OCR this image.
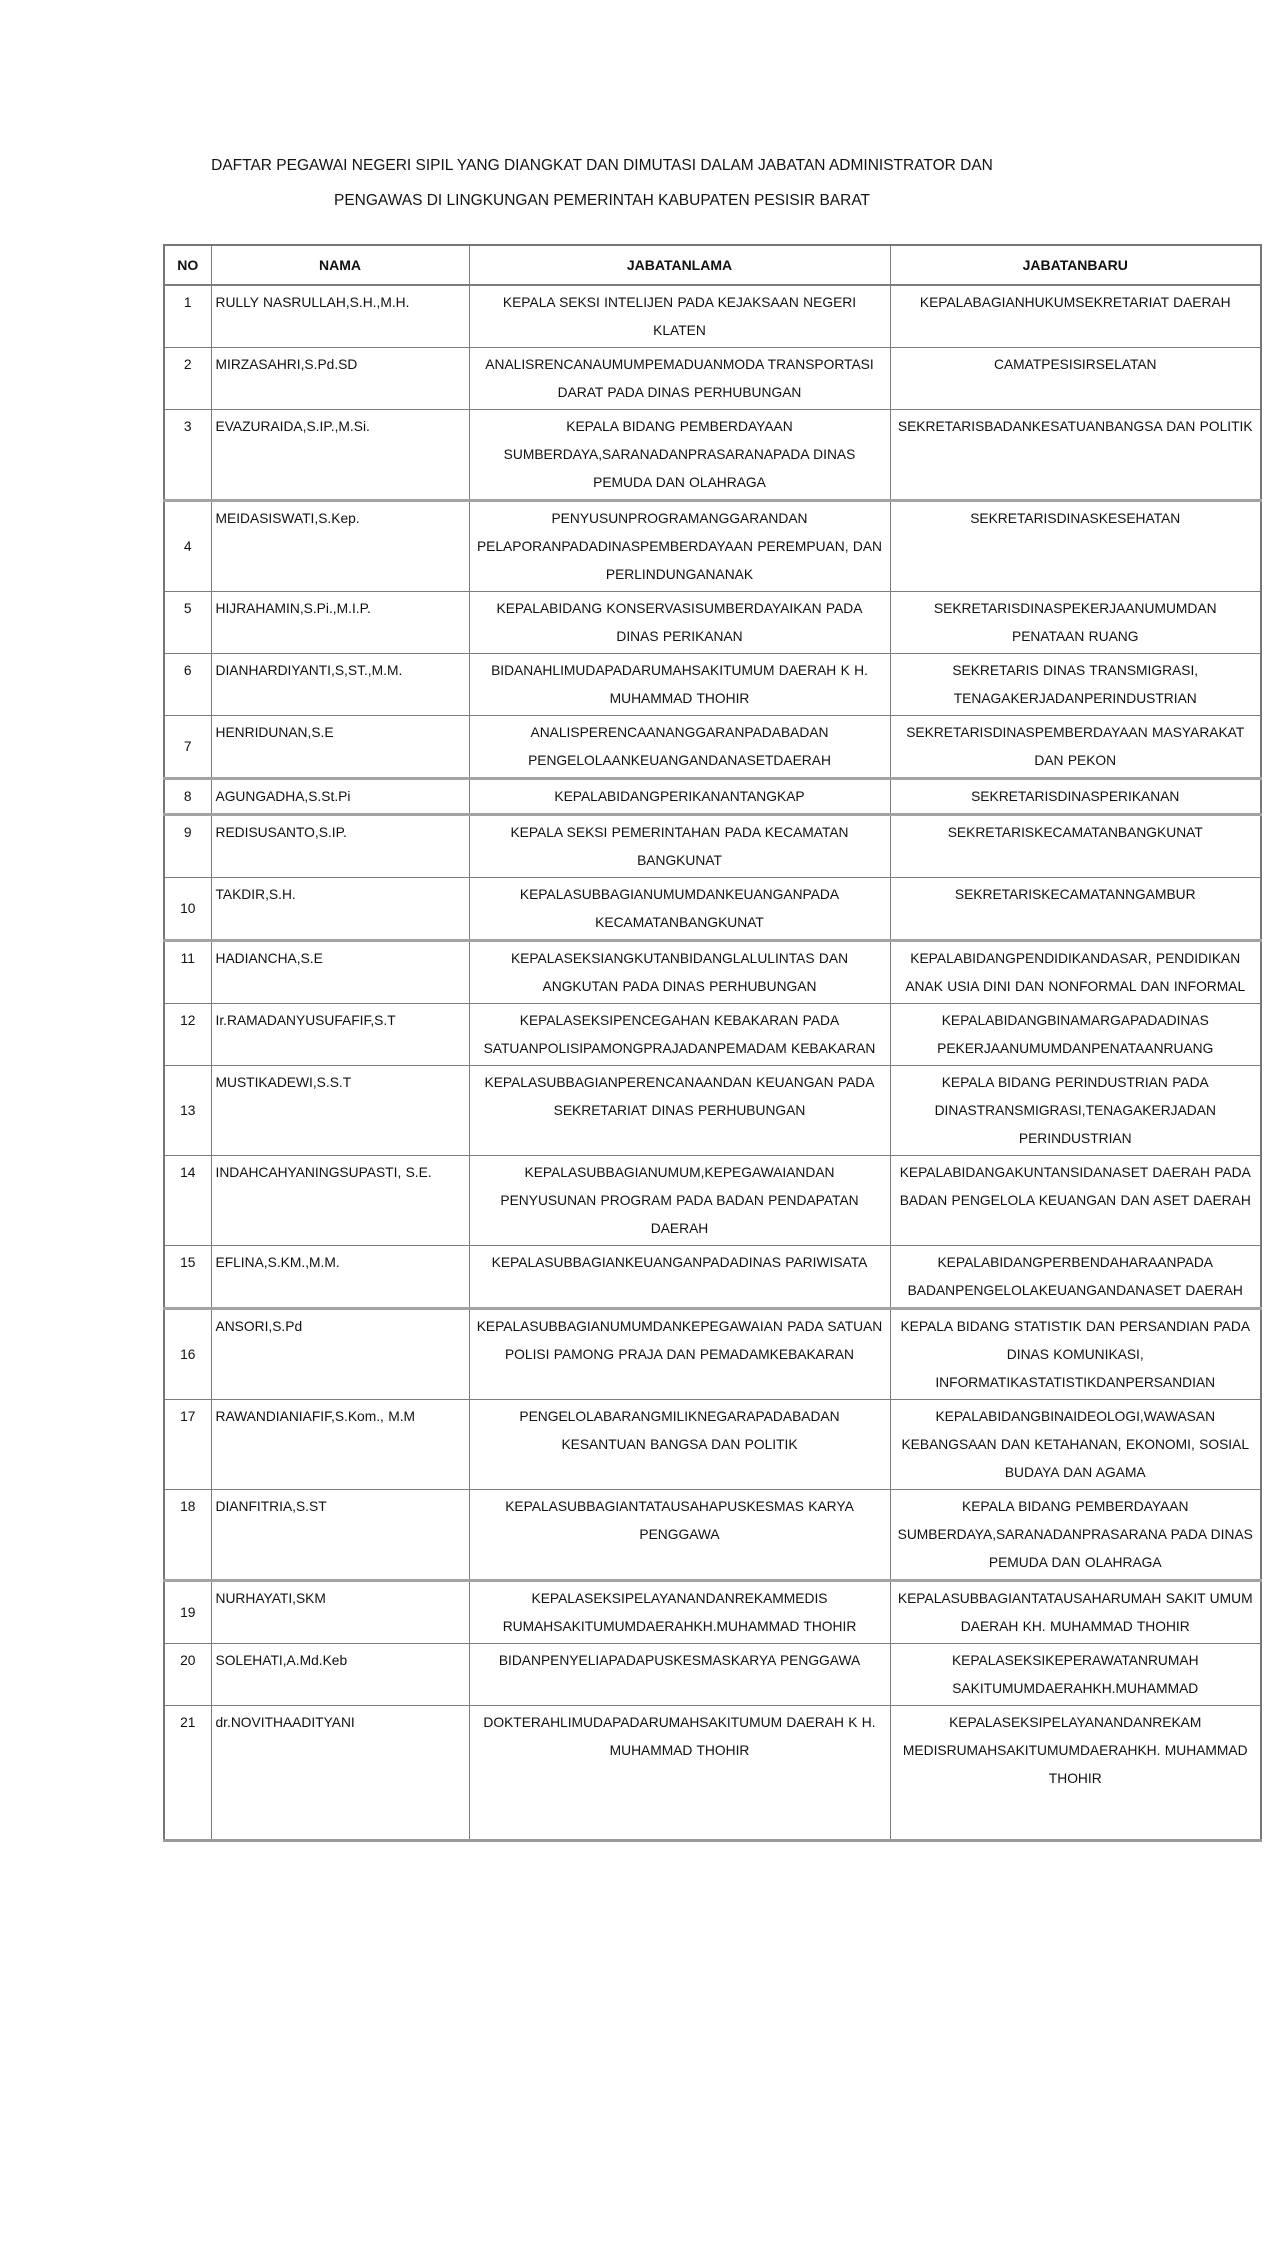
DAFTAR PEGAWAI NEGERI SIPIL YANG DIANGKAT DAN DIMUTASI DALAM JABATAN ADMINISTRATOR DAN
PENGAWAS DI LINGKUNGAN PEMERINTAH KABUPATEN PESISIR BARAT
NO	NAMA	JABATANLAMA	JABATANBARU
1	RULLY NASRULLAH,S.H.,M.H.	KEPALA SEKSI INTELIJEN PADA KEJAKSAAN NEGERI KLATEN	KEPALABAGIANHUKUMSEKRETARIAT DAERAH
2	MIRZASAHRI,S.Pd.SD	ANALISRENCANAUMUMPEMADUANMODA TRANSPORTASI DARAT PADA DINAS PERHUBUNGAN	CAMATPESISIRSELATAN
3	EVAZURAIDA,S.IP.,M.Si.	KEPALA BIDANG PEMBERDAYAAN SUMBERDAYA,SARANADANPRASARANAPADA DINAS PEMUDA DAN OLAHRAGA	SEKRETARISBADANKESATUANBANGSA DAN POLITIK
4	MEIDASISWATI,S.Kep.	PENYUSUNPROGRAMANGGARANDAN PELAPORANPADADINASPEMBERDAYAAN PEREMPUAN, DAN PERLINDUNGANANAK	SEKRETARISDINASKESEHATAN
5	HIJRAHAMIN,S.Pi.,M.I.P.	KEPALABIDANG KONSERVASISUMBERDAYAIKAN PADA DINAS PERIKANAN	SEKRETARISDINASPEKERJAANUMUMDAN PENATAAN RUANG
6	DIANHARDIYANTI,S,ST.,M.M.	BIDANAHLIMUDAPADARUMAHSAKITUMUM DAERAH K H. MUHAMMAD THOHIR	SEKRETARIS DINAS TRANSMIGRASI, TENAGAKERJADANPERINDUSTRIAN
7	HENRIDUNAN,S.E	ANALISPERENCAANANGGARANPADABADAN PENGELOLAANKEUANGANDANASETDAERAH	SEKRETARISDINASPEMBERDAYAAN MASYARAKAT DAN PEKON
8	AGUNGADHA,S.St.Pi	KEPALABIDANGPERIKANANTANGKAP	SEKRETARISDINASPERIKANAN
9	REDISUSANTO,S.IP.	KEPALA SEKSI PEMERINTAHAN PADA KECAMATAN BANGKUNAT	SEKRETARISKECAMATANBANGKUNAT
10	TAKDIR,S.H.	KEPALASUBBAGIANUMUMDANKEUANGANPADA KECAMATANBANGKUNAT	SEKRETARISKECAMATANNGAMBUR
11	HADIANCHA,S.E	KEPALASEKSIANGKUTANBIDANGLALULINTAS DAN ANGKUTAN PADA DINAS PERHUBUNGAN	KEPALABIDANGPENDIDIKANDASAR, PENDIDIKAN ANAK USIA DINI DAN NONFORMAL DAN INFORMAL
12	Ir.RAMADANYUSUFAFIF,S.T	KEPALASEKSIPENCEGAHAN KEBAKARAN PADA SATUANPOLISIPAMONGPRAJADANPEMADAM KEBAKARAN	KEPALABIDANGBINAMARGAPADADINAS PEKERJAANUMUMDANPENATAANRUANG
13	MUSTIKADEWI,S.S.T	KEPALASUBBAGIANPERENCANAANDAN KEUANGAN PADA SEKRETARIAT DINAS PERHUBUNGAN	KEPALA BIDANG PERINDUSTRIAN PADA DINASTRANSMIGRASI,TENAGAKERJADAN PERINDUSTRIAN
14	INDAHCAHYANINGSUPASTI, S.E.	KEPALASUBBAGIANUMUM,KEPEGAWAIANDAN PENYUSUNAN PROGRAM PADA BADAN PENDAPATAN DAERAH	KEPALABIDANGAKUNTANSIDANASET DAERAH PADA BADAN PENGELOLA KEUANGAN DAN ASET DAERAH
15	EFLINA,S.KM.,M.M.	KEPALASUBBAGIANKEUANGANPADADINAS PARIWISATA	KEPALABIDANGPERBENDAHARAANPADA BADANPENGELOLAKEUANGANDANASET DAERAH
16	ANSORI,S.Pd	KEPALASUBBAGIANUMUMDANKEPEGAWAIAN PADA SATUAN POLISI PAMONG PRAJA DAN PEMADAMKEBAKARAN	KEPALA BIDANG STATISTIK DAN PERSANDIAN PADA DINAS KOMUNIKASI, INFORMATIKASTATISTIKDANPERSANDIAN
17	RAWANDIANIAFIF,S.Kom., M.M	PENGELOLABARANGMILIKNEGARAPADABADAN KESANTUAN BANGSA DAN POLITIK	KEPALABIDANGBINAIDEOLOGI,WAWASAN KEBANGSAAN DAN KETAHANAN, EKONOMI, SOSIAL BUDAYA DAN AGAMA
18	DIANFITRIA,S.ST	KEPALASUBBAGIANTATAUSAHAPUSKESMAS KARYA PENGGAWA	KEPALA BIDANG PEMBERDAYAAN SUMBERDAYA,SARANADANPRASARANA PADA DINAS PEMUDA DAN OLAHRAGA
19	NURHAYATI,SKM	KEPALASEKSIPELAYANANDANREKAMMEDIS RUMAHSAKITUMUMDAERAHKH.MUHAMMAD THOHIR	KEPALASUBBAGIANTATAUSAHARUMAH SAKIT UMUM DAERAH KH. MUHAMMAD THOHIR
20	SOLEHATI,A.Md.Keb	BIDANPENYELIAPADAPUSKESMASKARYA PENGGAWA	KEPALASEKSIKEPERAWATANRUMAH SAKITUMUMDAERAHKH.MUHAMMAD
21	dr.NOVITHAADITYANI	DOKTERAHLIMUDAPADARUMAHSAKITUMUM DAERAH K H. MUHAMMAD THOHIR	KEPALASEKSIPELAYANANDANREKAM MEDISRUMAHSAKITUMUMDAERAHKH. MUHAMMAD THOHIR
